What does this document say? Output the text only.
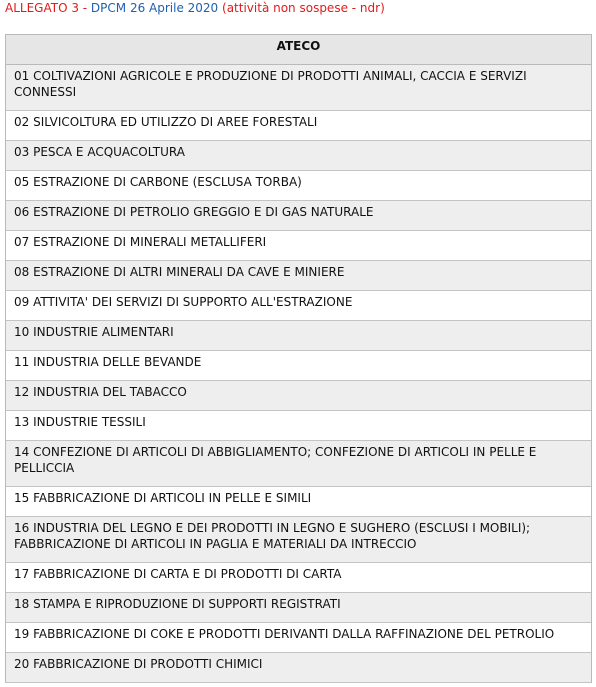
ALLEGATO 3 - DPCM 26 Aprile 2020 (attività non sospese - ndr)
ATECO
01 COLTIVAZIONI AGRICOLE E PRODUZIONE DI PRODOTTI ANIMALI, CACCIA E SERVIZI CONNESSI
02 SILVICOLTURA ED UTILIZZO DI AREE FORESTALI
03 PESCA E ACQUACOLTURA
05 ESTRAZIONE DI CARBONE (ESCLUSA TORBA)
06 ESTRAZIONE DI PETROLIO GREGGIO E DI GAS NATURALE
07 ESTRAZIONE DI MINERALI METALLIFERI
08 ESTRAZIONE DI ALTRI MINERALI DA CAVE E MINIERE
09 ATTIVITA' DEI SERVIZI DI SUPPORTO ALL'ESTRAZIONE
10 INDUSTRIE ALIMENTARI
11 INDUSTRIA DELLE BEVANDE
12 INDUSTRIA DEL TABACCO
13 INDUSTRIE TESSILI
14 CONFEZIONE DI ARTICOLI DI ABBIGLIAMENTO; CONFEZIONE DI ARTICOLI IN PELLE E PELLICCIA
15 FABBRICAZIONE DI ARTICOLI IN PELLE E SIMILI
16 INDUSTRIA DEL LEGNO E DEI PRODOTTI IN LEGNO E SUGHERO (ESCLUSI I MOBILI); FABBRICAZIONE DI ARTICOLI IN PAGLIA E MATERIALI DA INTRECCIO
17 FABBRICAZIONE DI CARTA E DI PRODOTTI DI CARTA
18 STAMPA E RIPRODUZIONE DI SUPPORTI REGISTRATI
19 FABBRICAZIONE DI COKE E PRODOTTI DERIVANTI DALLA RAFFINAZIONE DEL PETROLIO
20 FABBRICAZIONE DI PRODOTTI CHIMICI
